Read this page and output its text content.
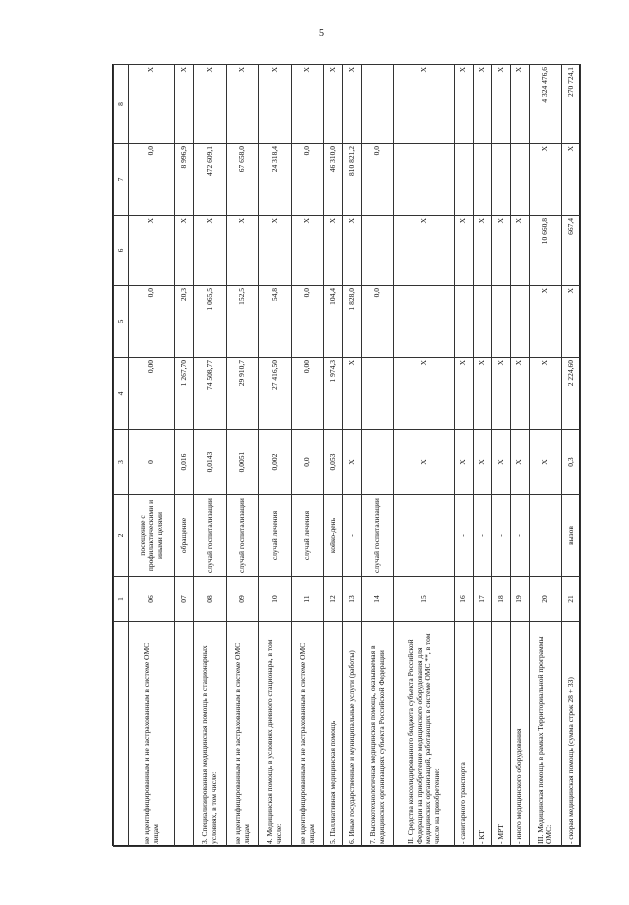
5
	1	2	3	4	5	6	7	8
не идентифицированным и не застрахованным в системе ОМС лицам	06	посещение с профилактическими и иными целями	0	0,00	0,0	X	0,0	X
	07	обращение	0,016	1 267,70	20,3	X	8 996,9	X
3. Специализированная медицинская помощь в стационарных условиях, в том числе:	08	случай госпитализации	0,0143	74 508,77	1 065,5	X	472 609,1	X
не идентифицированным и не застрахованным в системе ОМС лицам	09	случай госпитализации	0,0051	29 910,7	152,5	X	67 658,0	X
4. Медицинская помощь в условиях дневного стационара, в том числе:	10	случай лечения	0,002	27 416,50	54,8	X	24 318,4	X
не идентифицированным и не застрахованным в системе ОМС лицам	11	случай лечения	0,0	0,00	0,0	X	0,0	X
5. Паллиативная медицинская помощь	12	койко-день	0,053	1 974,3	104,4	X	46 310,0	X
6. Иные государственные и муниципальные услуги (работы)	13	-	X	X	1 828,0	X	810 821,2	X
7. Высокотехнологичная медицинская помощь, оказываемая в медицинских организациях субъекта Российской Федерации	14	случай госпитализации			0,0		0,0	
II. Средства консолидированного бюджета субъекта Российской Федерации на приобретение медицинского оборудования для медицинских организаций, работающих в системе ОМС **, в том числе на приобретение:	15		X	X		X		X
- санитарного транспорта	16	-	X	X		X		X
- КТ	17	-	X	X		X		X
- МРТ	18	-	X	X		X		X
- иного медицинского оборудования	19	-	X	X		X		X
III. Медицинская помощь в рамках Территориальной программы ОМС:	20		X	X	X	10 660,8	X	4 324 476,6
- скорая медицинская помощь (сумма строк 28 + 33)	21	вызов	0,3	2 224,60	X	667,4	X	270 724,1
